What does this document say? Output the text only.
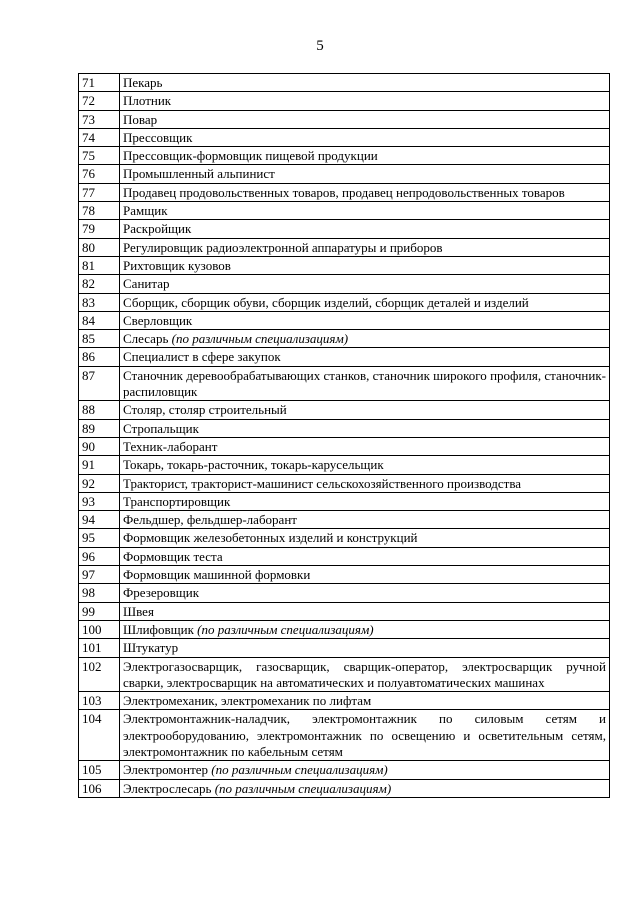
5
71	Пекарь
72	Плотник
73	Повар
74	Прессовщик
75	Прессовщик-формовщик пищевой продукции
76	Промышленный альпинист
77	Продавец продовольственных товаров, продавец непродовольственных товаров
78	Рамщик
79	Раскройщик
80	Регулировщик радиоэлектронной аппаратуры и приборов
81	Рихтовщик кузовов
82	Санитар
83	Сборщик, сборщик обуви, сборщик изделий, сборщик деталей и изделий
84	Сверловщик
85	Слесарь (по различным специализациям)
86	Специалист в сфере закупок
87	Станочник деревообрабатывающих станков, станочник широкого профиля, станочник-распиловщик
88	Столяр, столяр строительный
89	Стропальщик
90	Техник-лаборант
91	Токарь, токарь-расточник, токарь-карусельщик
92	Тракторист, тракторист-машинист сельскохозяйственного производства
93	Транспортировщик
94	Фельдшер, фельдшер-лаборант
95	Формовщик железобетонных изделий и конструкций
96	Формовщик теста
97	Формовщик машинной формовки
98	Фрезеровщик
99	Швея
100	Шлифовщик (по различным специализациям)
101	Штукатур
102	Электрогазосварщик, газосварщик, сварщик-оператор, электросварщик ручной сварки, электросварщик на автоматических и полуавтоматических машинах
103	Электромеханик, электромеханик по лифтам
104	Электромонтажник-наладчик, электромонтажник по силовым сетям и электрооборудованию, электромонтажник по освещению и осветительным сетям, электромонтажник по кабельным сетям
105	Электромонтер (по различным специализациям)
106	Электрослесарь (по различным специализациям)
